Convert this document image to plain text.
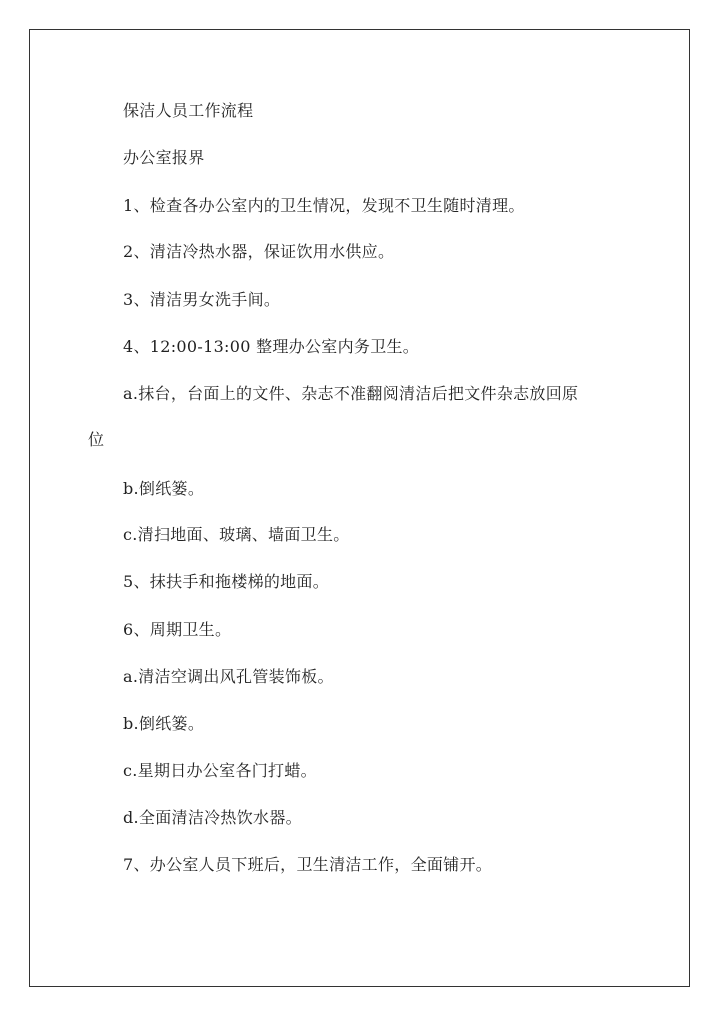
保洁人员工作流程
办公室报界
1、检查各办公室内的卫生情况，发现不卫生随时清理。
2、清洁冷热水器，保证饮用水供应。
3、清洁男女洗手间。
4、12:00-13:00 整理办公室内务卫生。
a.抹台，台面上的文件、杂志不准翻阅清洁后把文件杂志放回原
位
b.倒纸篓。
c.清扫地面、玻璃、墙面卫生。
5、抹扶手和拖楼梯的地面。
6、周期卫生。
a.清洁空调出风孔管装饰板。
b.倒纸篓。
c.星期日办公室各门打蜡。
d.全面清洁冷热饮水器。
7、办公室人员下班后，卫生清洁工作，全面铺开。
